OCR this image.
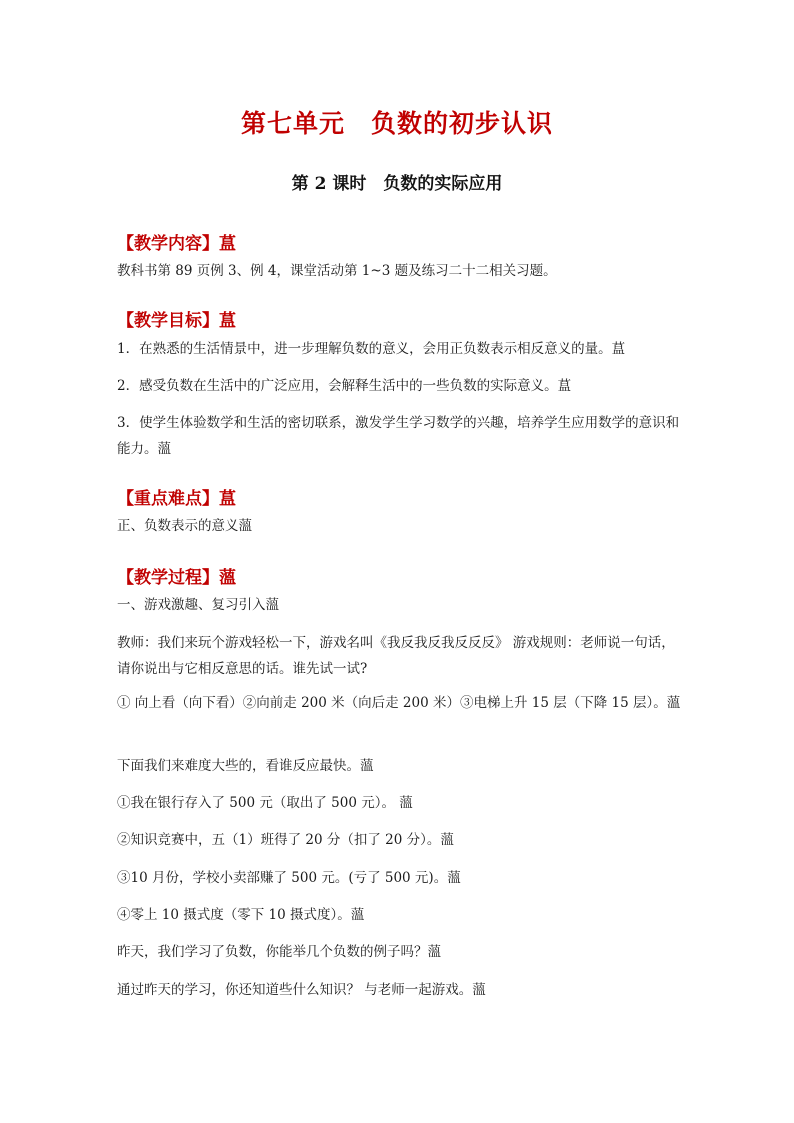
第七单元　负数的初步认识
第 2 课时　负数的实际应用
【教学内容】蒀
教科书第 89 页例 3、例 4，课堂活动第 1~3 题及练习二十二相关习题。
【教学目标】蒀
1．在熟悉的生活情景中，进一步理解负数的意义，会用正负数表示相反意义的量。蒀
2．感受负数在生活中的广泛应用，会解释生活中的一些负数的实际意义。蒀
3．使学生体验数学和生活的密切联系，激发学生学习数学的兴趣，培养学生应用数学的意识和能力。薀
【重点难点】蒀
正、负数表示的意义薀
【教学过程】薀
一、游戏激趣、复习引入薀
教师：我们来玩个游戏轻松一下，游戏名叫《我反我反我反反反》 游戏规则：老师说一句话，请你说出与它相反意思的话。谁先试一试?
① 向上看（向下看）②向前走 200 米（向后走 200 米）③电梯上升 15 层（下降 15 层）。薀
下面我们来难度大些的，看谁反应最快。薀
①我在银行存入了 500 元（取出了 500 元）。 薀
②知识竞赛中，五（1）班得了 20 分（扣了 20 分）。薀
③10 月份，学校小卖部赚了 500 元。(亏了 500 元)。薀
④零上 10 摄式度（零下 10 摄式度）。薀
昨天，我们学习了负数，你能举几个负数的例子吗？薀
通过昨天的学习，你还知道些什么知识？ 与老师一起游戏。薀
